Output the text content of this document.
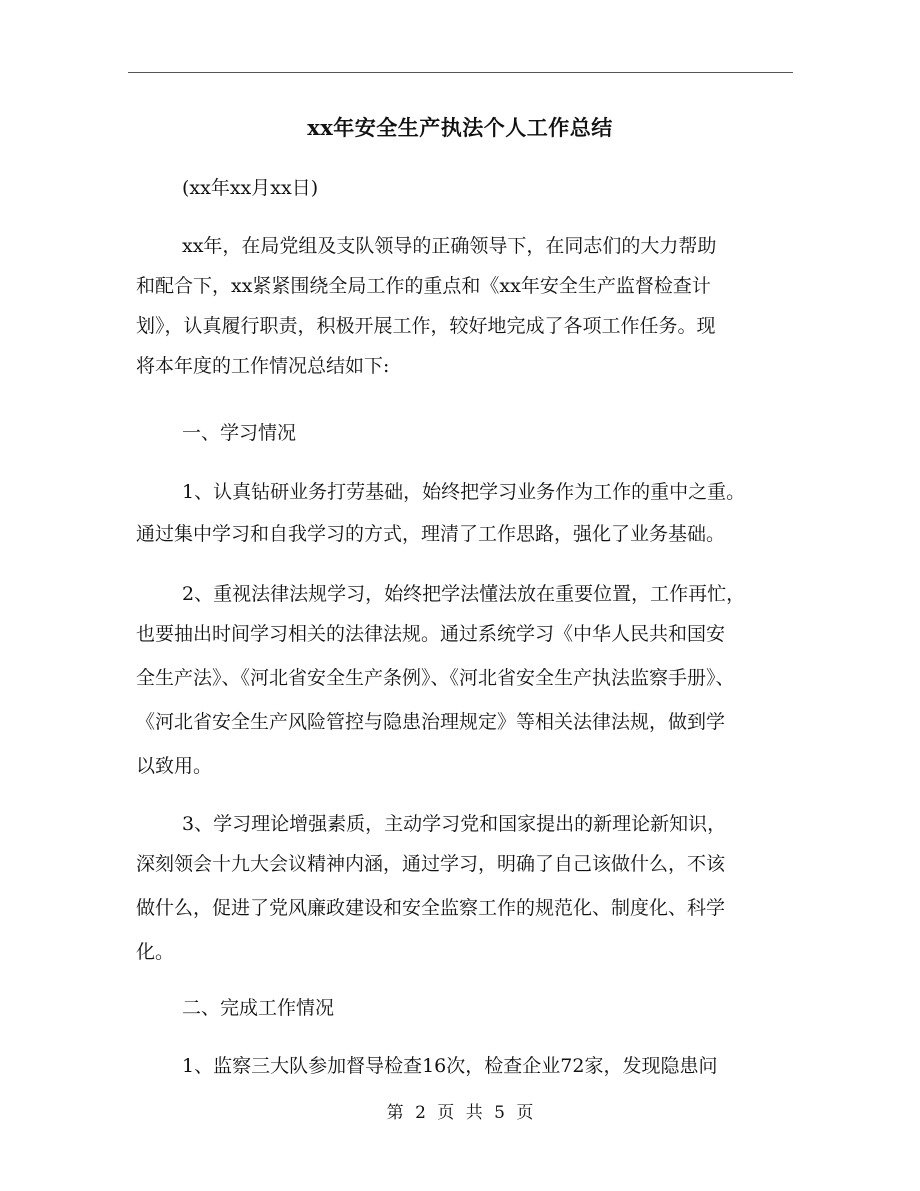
xx年安全生产执法个人工作总结
(xx年xx月xx日)
xx年，在局党组及支队领导的正确领导下，在同志们的大力帮助
和配合下，xx紧紧围绕全局工作的重点和《xx年安全生产监督检查计
划》，认真履行职责，积极开展工作，较好地完成了各项工作任务。现
将本年度的工作情况总结如下:
一、学习情况
1、认真钻研业务打劳基础，始终把学习业务作为工作的重中之重。
通过集中学习和自我学习的方式，理清了工作思路，强化了业务基础。
2、重视法律法规学习，始终把学法懂法放在重要位置，工作再忙，
也要抽出时间学习相关的法律法规。通过系统学习《中华人民共和国安
全生产法》、《河北省安全生产条例》、《河北省安全生产执法监察手册》、
《河北省安全生产风险管控与隐患治理规定》等相关法律法规，做到学
以致用。
3、学习理论增强素质，主动学习党和国家提出的新理论新知识，
深刻领会十九大会议精神内涵，通过学习，明确了自己该做什么，不该
做什么，促进了党风廉政建设和安全监察工作的规范化、制度化、科学
化。
二、完成工作情况
1、监察三大队参加督导检查16次，检查企业72家，发现隐患问
第 2 页 共 5 页
